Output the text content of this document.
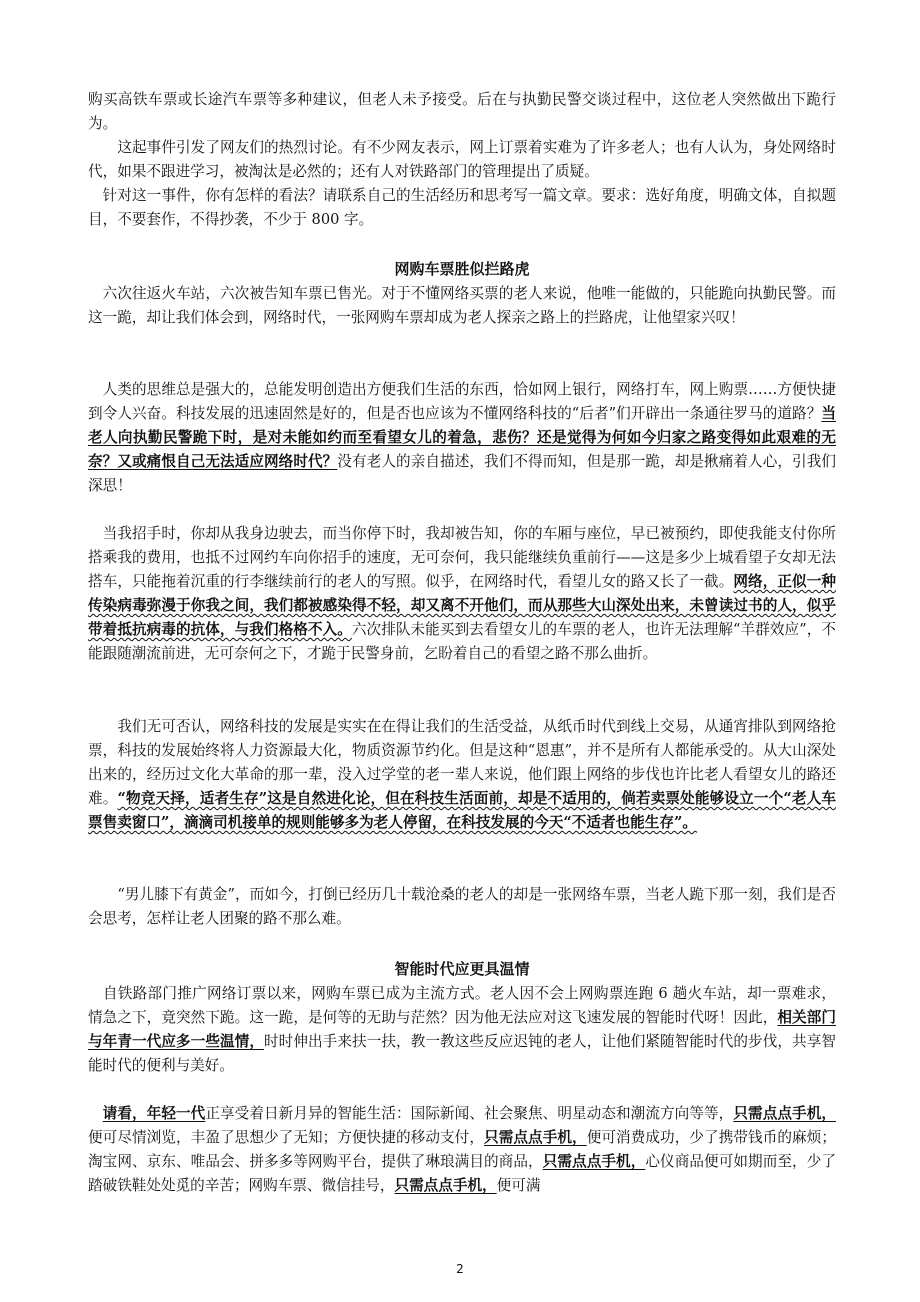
购买高铁车票或长途汽车票等多种建议，但老人未予接受。后在与执勤民警交谈过程中，这位老人突然做出下跪行为。

　　这起事件引发了网友们的热烈讨论。有不少网友表示，网上订票着实难为了许多老人；也有人认为，身处网络时代，如果不跟进学习，被淘汰是必然的；还有人对铁路部门的管理提出了质疑。

　针对这一事件，你有怎样的看法？请联系自己的生活经历和思考写一篇文章。要求：选好角度，明确文体，自拟题目，不要套作，不得抄袭，不少于 800 字。

网购车票胜似拦路虎

　六次往返火车站，六次被告知车票已售光。对于不懂网络买票的老人来说，他唯一能做的，只能跪向执勤民警。而这一跪，却让我们体会到，网络时代，一张网购车票却成为老人探亲之路上的拦路虎，让他望家兴叹！

　人类的思维总是强大的，总能发明创造出方便我们生活的东西，恰如网上银行，网络打车，网上购票……方便快捷到令人兴奋。科技发展的迅速固然是好的，但是否也应该为不懂网络科技的“后者”们开辟出一条通往罗马的道路？当老人向执勤民警跪下时，是对未能如约而至看望女儿的着急，悲伤？还是觉得为何如今归家之路变得如此艰难的无奈？又或痛恨自己无法适应网络时代？没有老人的亲自描述，我们不得而知，但是那一跪，却是揪痛着人心，引我们深思！

　当我招手时，你却从我身边驶去，而当你停下时，我却被告知，你的车厢与座位，早已被预约，即使我能支付你所搭乘我的费用，也抵不过网约车向你招手的速度，无可奈何，我只能继续负重前行——这是多少上城看望子女却无法搭车，只能拖着沉重的行李继续前行的老人的写照。似乎，在网络时代，看望儿女的路又长了一截。网络，正似一种传染病毒弥漫于你我之间，我们都被感染得不轻，却又离不开他们，而从那些大山深处出来，未曾读过书的人，似乎带着抵抗病毒的抗体，与我们格格不入。六次排队未能买到去看望女儿的车票的老人，也许无法理解“羊群效应”，不能跟随潮流前进，无可奈何之下，才跪于民警身前，乞盼着自己的看望之路不那么曲折。

　　我们无可否认，网络科技的发展是实实在在得让我们的生活受益，从纸币时代到线上交易，从通宵排队到网络抢票，科技的发展始终将人力资源最大化，物质资源节约化。但是这种“恩惠”，并不是所有人都能承受的。从大山深处出来的，经历过文化大革命的那一辈，没入过学堂的老一辈人来说，他们跟上网络的步伐也许比老人看望女儿的路还难。“物竞天择，适者生存”这是自然进化论，但在科技生活面前，却是不适用的，倘若卖票处能够设立一个“老人车票售卖窗口”，滴滴司机接单的规则能够多为老人停留，在科技发展的今天“不适者也能生存”。

　　“男儿膝下有黄金”，而如今，打倒已经历几十载沧桑的老人的却是一张网络车票，当老人跪下那一刻，我们是否会思考，怎样让老人团聚的路不那么难。

智能时代应更具温情

　自铁路部门推广网络订票以来，网购车票已成为主流方式。老人因不会上网购票连跑 6 趟火车站，却一票难求，情急之下，竟突然下跪。这一跪，是何等的无助与茫然？因为他无法应对这飞速发展的智能时代呀！因此，相关部门与年青一代应多一些温情，时时伸出手来扶一扶，教一教这些反应迟钝的老人，让他们紧随智能时代的步伐，共享智能时代的便利与美好。

　请看，年轻一代正享受着日新月异的智能生活：国际新闻、社会聚焦、明星动态和潮流方向等等，只需点点手机，便可尽情浏览，丰盈了思想少了无知；方便快捷的移动支付，只需点点手机，便可消费成功，少了携带钱币的麻烦；淘宝网、京东、唯品会、拼多多等网购平台，提供了琳琅满目的商品，只需点点手机，心仪商品便可如期而至，少了踏破铁鞋处处觅的辛苦；网购车票、微信挂号，只需点点手机，便可满

2
